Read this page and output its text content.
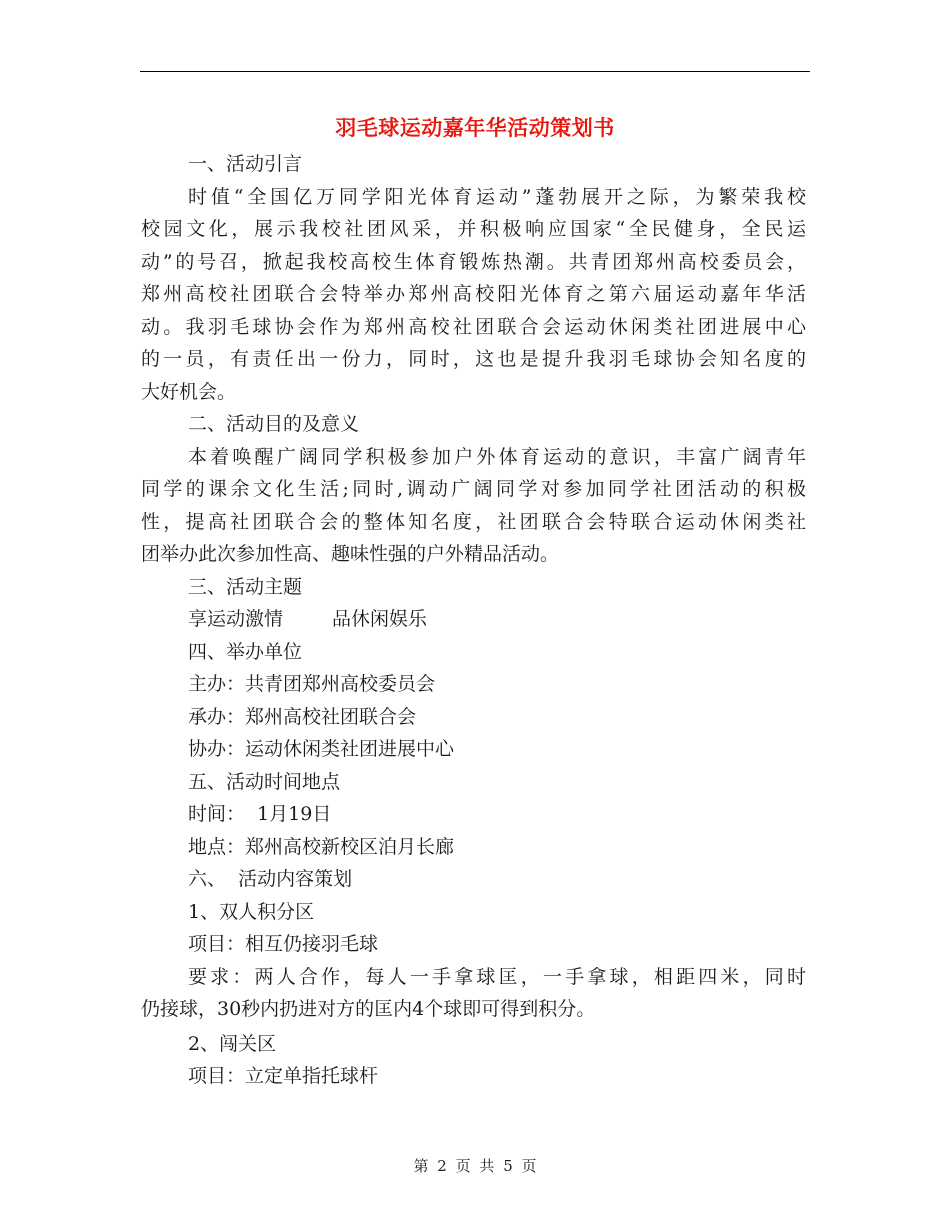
羽毛球运动嘉年华活动策划书
一、活动引言
时值“全国亿万同学阳光体育运动”蓬勃展开之际，为繁荣我校
校园文化，展示我校社团风采，并积极响应国家“全民健身，全民运
动”的号召，掀起我校高校生体育锻炼热潮。共青团郑州高校委员会，
郑州高校社团联合会特举办郑州高校阳光体育之第六届运动嘉年华活
动。我羽毛球协会作为郑州高校社团联合会运动休闲类社团进展中心
的一员，有责任出一份力，同时，这也是提升我羽毛球协会知名度的
大好机会。
二、活动目的及意义
本着唤醒广阔同学积极参加户外体育运动的意识，丰富广阔青年
同学的课余文化生活;同时,调动广阔同学对参加同学社团活动的积极
性，提高社团联合会的整体知名度，社团联合会特联合运动休闲类社
团举办此次参加性高、趣味性强的户外精品活动。
三、活动主题
享运动激情	品休闲娱乐
四、举办单位
主办：共青团郑州高校委员会
承办：郑州高校社团联合会
协办：运动休闲类社团进展中心
五、活动时间地点
时间：  1月19日
地点：郑州高校新校区泊月长廊
六、  活动内容策划
1、双人积分区
项目：相互仍接羽毛球
要求：两人合作，每人一手拿球匡，一手拿球，相距四米，同时
仍接球，30秒内扔进对方的匡内4个球即可得到积分。
2、闯关区
项目：立定单指托球杆
第 2 页 共 5 页
